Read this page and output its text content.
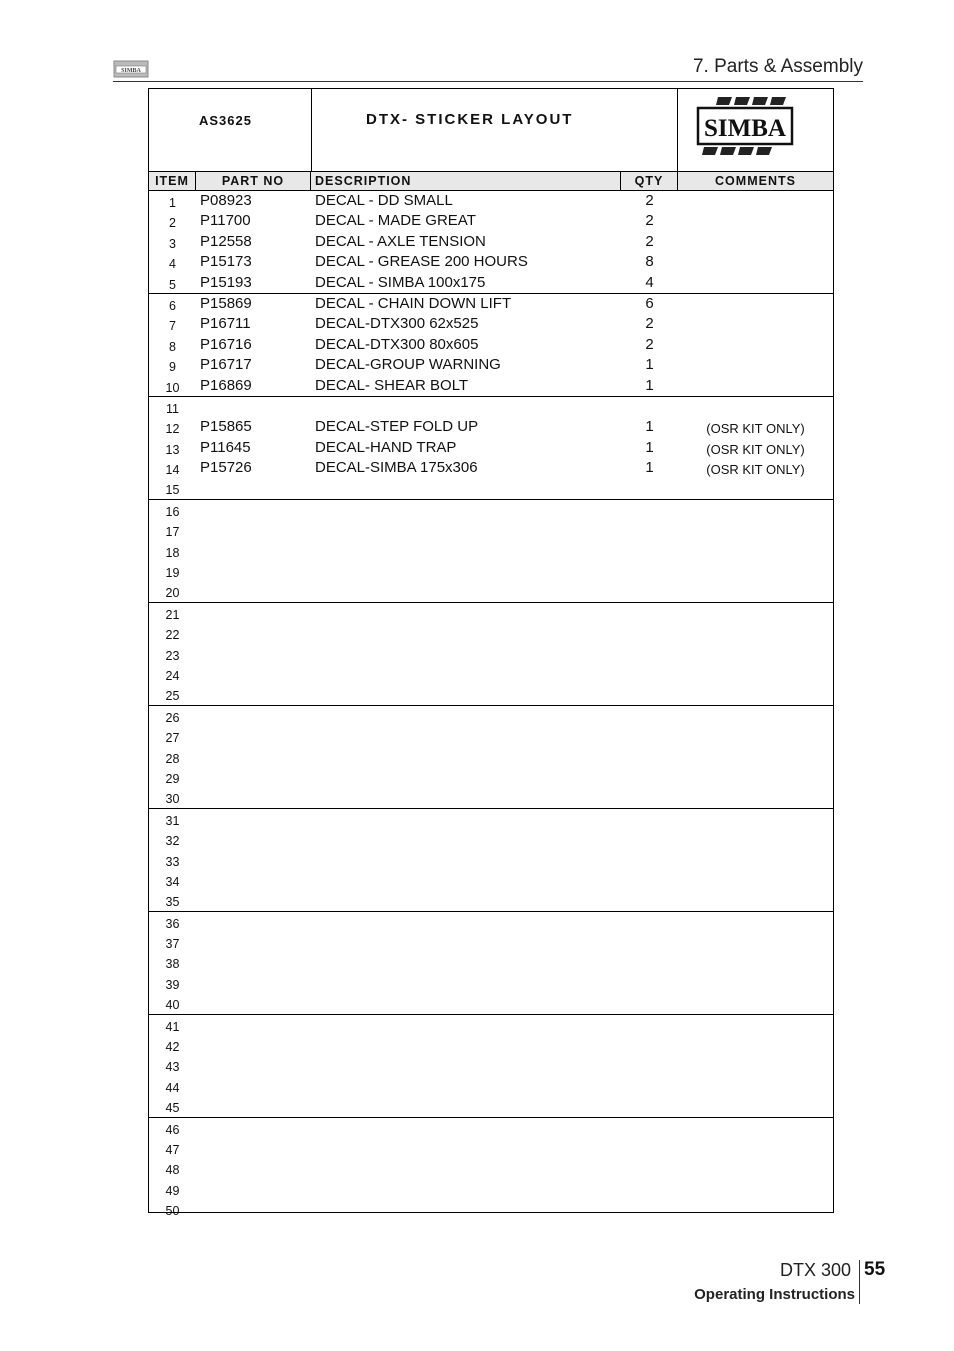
SIMBA	7. Parts & Assembly
AS3625	DTX- STICKER LAYOUT	SIMBA
ITEM	PART NO	DESCRIPTION	QTY	COMMENTS
1	P08923	DECAL - DD SMALL	2
2	P11700	DECAL - MADE GREAT	2
3	P12558	DECAL - AXLE TENSION	2
4	P15173	DECAL - GREASE 200 HOURS	8
5	P15193	DECAL - SIMBA 100x175	4
6	P15869	DECAL - CHAIN DOWN LIFT	6
7	P16711	DECAL-DTX300 62x525	2
8	P16716	DECAL-DTX300 80x605	2
9	P16717	DECAL-GROUP WARNING	1
10	P16869	DECAL- SHEAR BOLT	1
11
12	P15865	DECAL-STEP FOLD UP	1	(OSR KIT ONLY)
13	P11645	DECAL-HAND TRAP	1	(OSR KIT ONLY)
14	P15726	DECAL-SIMBA 175x306	1	(OSR KIT ONLY)
15
16
17
18
19
20
21
22
23
24
25
26
27
28
29
30
31
32
33
34
35
36
37
38
39
40
41
42
43
44
45
46
47
48
49
50
DTX 300 55
Operating Instructions
